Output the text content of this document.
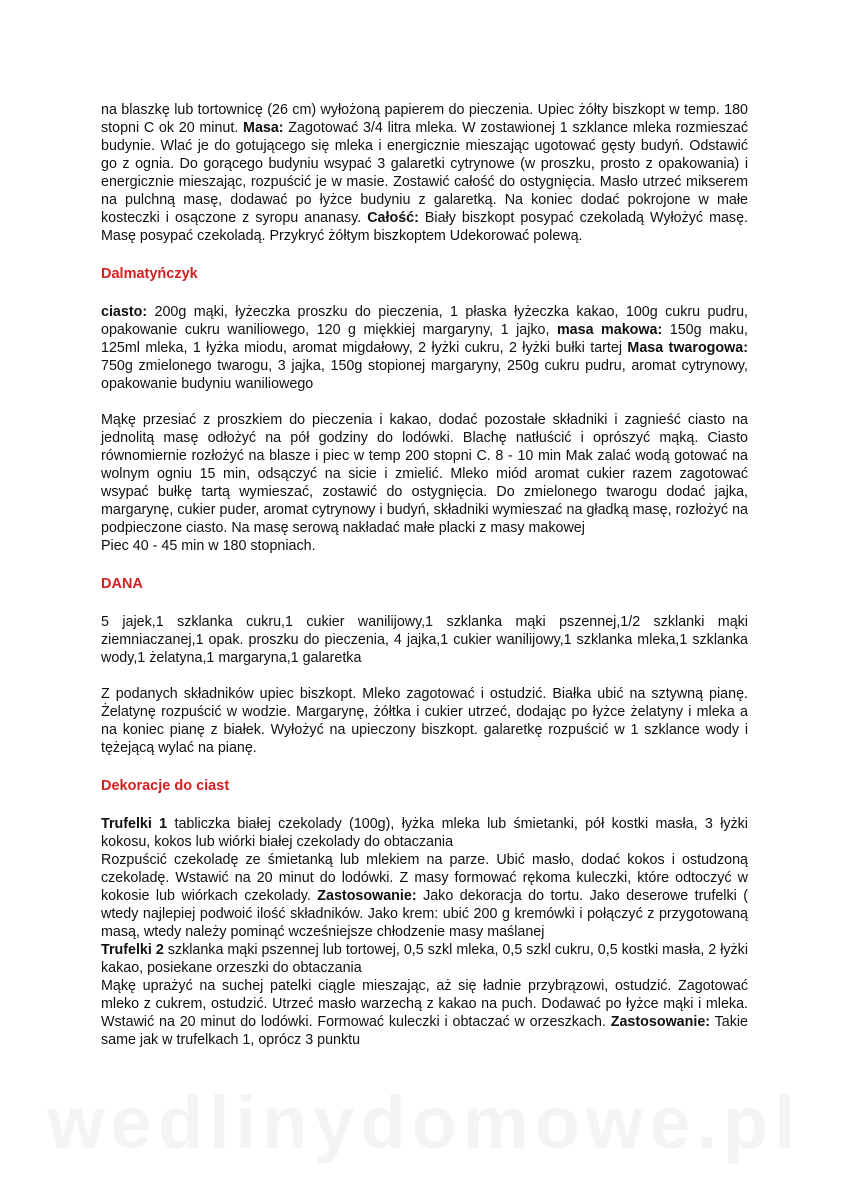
na blaszkę lub tortownicę (26 cm) wyłożoną papierem do pieczenia. Upiec żółty biszkopt w temp. 180 stopni C ok 20 minut. Masa: Zagotować 3/4 litra mleka. W zostawionej 1 szklance mleka rozmieszać budynie. Wlać je do gotującego się mleka i energicznie mieszając ugotować gęsty budyń. Odstawić go z ognia. Do gorącego budyniu wsypać 3 galaretki cytrynowe (w proszku, prosto z opakowania) i energicznie mieszając, rozpuścić je w masie. Zostawić całość do ostygnięcia. Masło utrzeć mikserem na pulchną masę, dodawać po łyżce budyniu z galaretką. Na koniec dodać pokrojone w małe kosteczki i osączone z syropu ananasy. Całość: Biały biszkopt posypać czekoladą Wyłożyć masę. Masę posypać czekoladą. Przykryć żółtym biszkoptem Udekorować polewą.

Dalmatyńczyk

ciasto: 200g mąki, łyżeczka proszku do pieczenia, 1 płaska łyżeczka kakao, 100g cukru pudru, opakowanie cukru waniliowego, 120 g miękkiej margaryny, 1 jajko, masa makowa: 150g maku, 125ml mleka, 1 łyżka miodu, aromat migdałowy, 2 łyżki cukru, 2 łyżki bułki tartej Masa twarogowa: 750g zmielonego twarogu, 3 jajka, 150g stopionej margaryny, 250g cukru pudru, aromat cytrynowy, opakowanie budyniu waniliowego

Mąkę przesiać z proszkiem do pieczenia i kakao, dodać pozostałe składniki i zagnieść ciasto na jednolitą masę odłożyć na pół godziny do lodówki. Blachę natłuścić i oprószyć mąką. Ciasto równomiernie rozłożyć na blasze i piec w temp 200 stopni C. 8 - 10 min Mak zalać wodą gotować na wolnym ogniu 15 min, odsączyć na sicie i zmielić. Mleko miód aromat cukier razem zagotować wsypać bułkę tartą wymieszać, zostawić do ostygnięcia. Do zmielonego twarogu dodać jajka, margarynę, cukier puder, aromat cytrynowy i budyń, składniki wymieszać na gładką masę, rozłożyć na podpieczone ciasto. Na masę serową nakładać małe placki z masy makowej

Piec 40 - 45 min w 180 stopniach.

DANA

5 jajek,1 szklanka cukru,1 cukier wanilijowy,1 szklanka mąki pszennej,1/2 szklanki mąki ziemniaczanej,1 opak. proszku do pieczenia, 4 jajka,1 cukier wanilijowy,1 szklanka mleka,1 szklanka wody,1 żelatyna,1 margaryna,1 galaretka

Z podanych składników upiec biszkopt. Mleko zagotować i ostudzić. Białka ubić na sztywną pianę. Żelatynę rozpuścić w wodzie. Margarynę, żółtka i cukier utrzeć, dodając po łyżce żelatyny i mleka a na koniec pianę z białek. Wyłożyć na upieczony biszkopt. galaretkę rozpuścić w 1 szklance wody i tężejącą wylać na pianę.

Dekoracje do ciast

Trufelki 1 tabliczka białej czekolady (100g), łyżka mleka lub śmietanki, pół kostki masła, 3 łyżki kokosu, kokos lub wiórki białej czekolady do obtaczania

Rozpuścić czekoladę ze śmietanką lub mlekiem na parze. Ubić masło, dodać kokos i ostudzoną czekoladę. Wstawić na 20 minut do lodówki. Z masy formować rękoma kuleczki, które odtoczyć w kokosie lub wiórkach czekolady. Zastosowanie: Jako dekoracja do tortu. Jako deserowe trufelki ( wtedy najlepiej podwoić ilość składników. Jako krem: ubić 200 g kremówki i połączyć z przygotowaną masą, wtedy należy pominąć wcześniejsze chłodzenie masy maślanej

Trufelki 2 szklanka mąki pszennej lub tortowej, 0,5 szkl mleka, 0,5 szkl cukru, 0,5 kostki masła, 2 łyżki kakao, posiekane orzeszki do obtaczania

Mąkę uprażyć na suchej patelki ciągle mieszając, aż się ładnie przybrązowi, ostudzić. Zagotować mleko z cukrem, ostudzić. Utrzeć masło warzechą z kakao na puch. Dodawać po łyżce mąki i mleka. Wstawić na 20 minut do lodówki. Formować kuleczki i obtaczać w orzeszkach. Zastosowanie: Takie same jak w trufelkach 1, oprócz 3 punktu

wedlinydomowe.pl
